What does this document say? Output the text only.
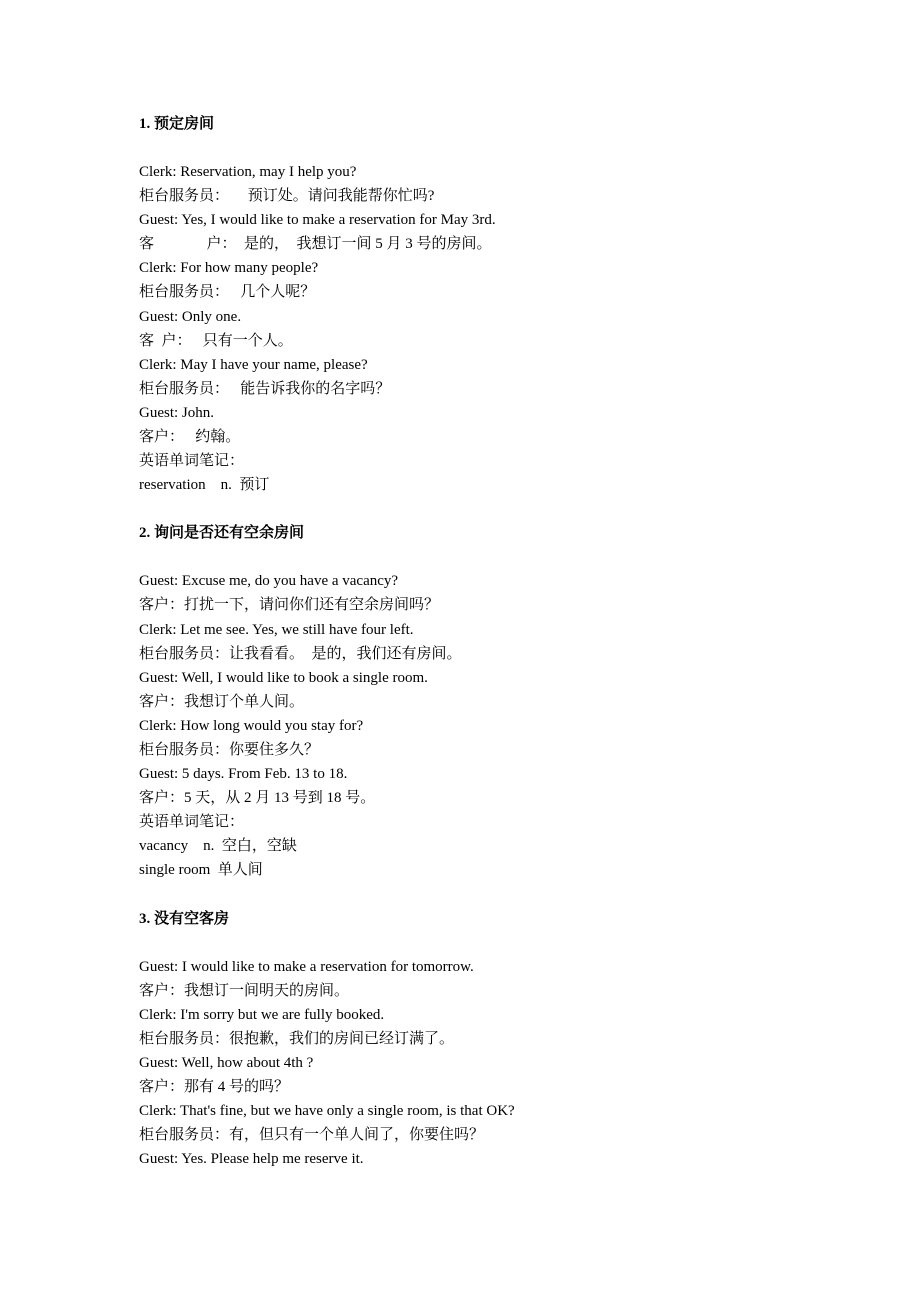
1. 预定房间
Clerk: Reservation, may I help you?
柜台服务员：     预订处。请问我能帮你忙吗?
Guest: Yes, I would like to make a reservation for May 3rd.
客              户：  是的，  我想订一间 5 月 3 号的房间。
Clerk: For how many people?
柜台服务员：   几个人呢？
Guest: Only one.
客  户：   只有一个人。
Clerk: May I have your name, please?
柜台服务员：   能告诉我你的名字吗？
Guest: John.
客户：   约翰。
英语单词笔记：
reservation    n.  预订
2. 询问是否还有空余房间
Guest: Excuse me, do you have a vacancy?
客户：打扰一下，请问你们还有空余房间吗？
Clerk: Let me see. Yes, we still have four left.
柜台服务员：让我看看。  是的，我们还有房间。
Guest: Well, I would like to book a single room.
客户：我想订个单人间。
Clerk: How long would you stay for?
柜台服务员：你要住多久？
Guest: 5 days. From Feb. 13 to 18.
客户：5 天，从 2 月 13 号到 18 号。
英语单词笔记：
vacancy    n.  空白，空缺
single room  单人间
3. 没有空客房
Guest: I would like to make a reservation for tomorrow.
客户：我想订一间明天的房间。
Clerk: I'm sorry but we are fully booked.
柜台服务员：很抱歉，我们的房间已经订满了。
Guest: Well, how about 4th ?
客户：那有 4 号的吗？
Clerk: That's fine, but we have only a single room, is that OK?
柜台服务员：有，但只有一个单人间了，你要住吗？
Guest: Yes. Please help me reserve it.
